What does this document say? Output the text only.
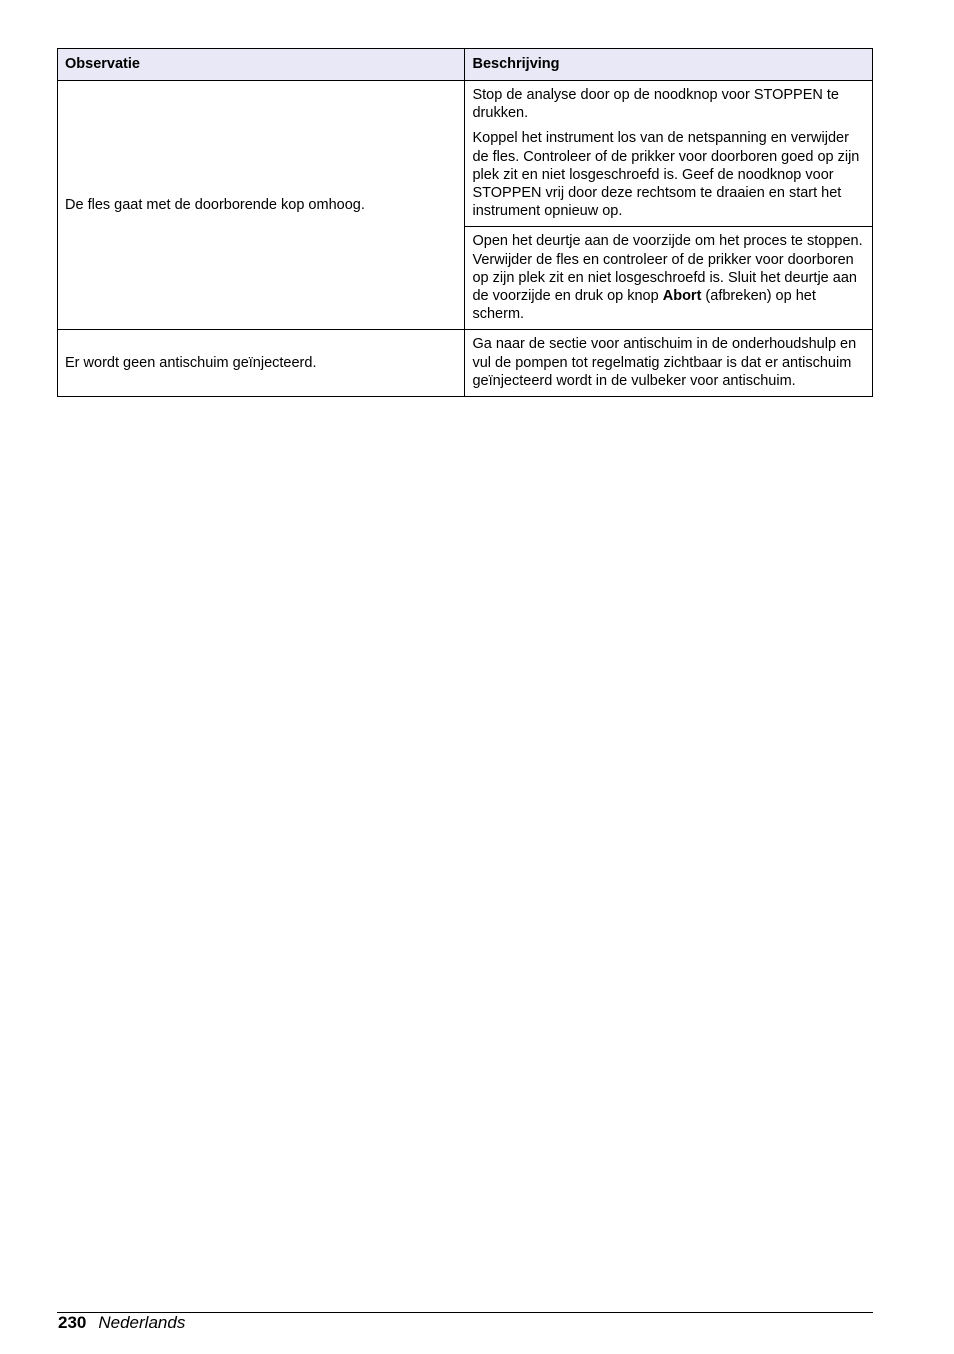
Observatie	Beschrijving
De fles gaat met de doorborende kop omhoog.	Stop de analyse door op de noodknop voor STOPPEN te drukken.

Koppel het instrument los van de netspanning en verwijder de fles. Controleer of de prikker voor doorboren goed op zijn plek zit en niet losgeschroefd is. Geef de noodknop voor STOPPEN vrij door deze rechtsom te draaien en start het instrument opnieuw op.

	Open het deurtje aan de voorzijde om het proces te stoppen. Verwijder de fles en controleer of de prikker voor doorboren op zijn plek zit en niet losgeschroefd is. Sluit het deurtje aan de voorzijde en druk op knop Abort (afbreken) op het scherm.

Er wordt geen antischuim geïnjecteerd.	Ga naar de sectie voor antischuim in de onderhoudshulp en vul de pompen tot regelmatig zichtbaar is dat er antischuim geïnjecteerd wordt in de vulbeker voor antischuim.

230 Nederlands
